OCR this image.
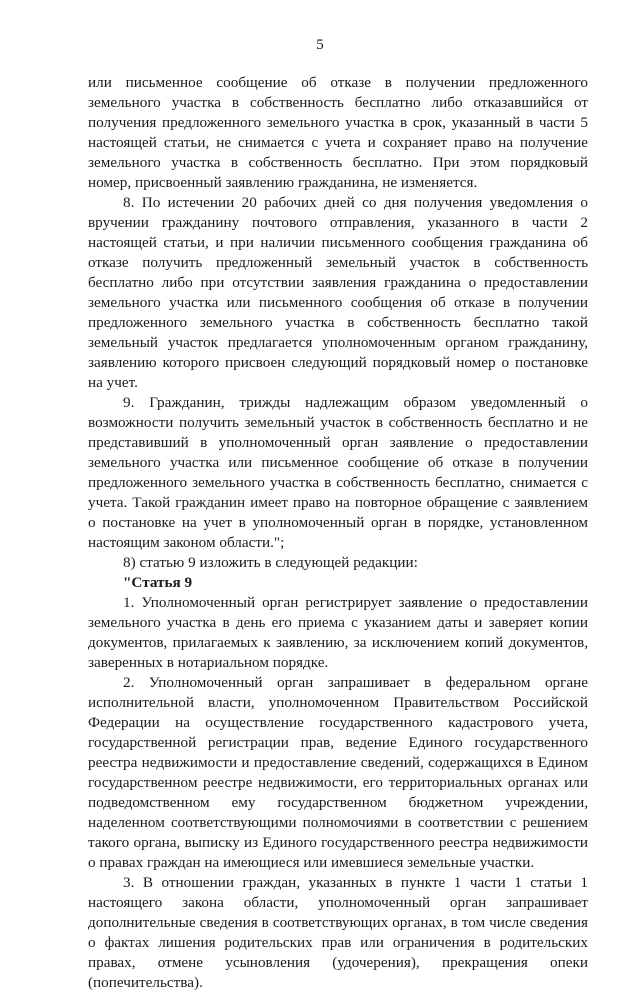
5

или письменное сообщение об отказе в получении предложенного земельного участка в собственность бесплатно либо отказавшийся от получения предложенного земельного участка в срок, указанный в части 5 настоящей статьи, не снимается с учета и сохраняет право на получение земельного участка в собственность бесплатно. При этом порядковый номер, присвоенный заявлению гражданина, не изменяется.

8. По истечении 20 рабочих дней со дня получения уведомления о вручении гражданину почтового отправления, указанного в части 2 настоящей статьи, и при наличии письменного сообщения гражданина об отказе получить предложенный земельный участок в собственность бесплатно либо при отсутствии заявления гражданина о предоставлении земельного участка или письменного сообщения об отказе в получении предложенного земельного участка в собственность бесплатно такой земельный участок предлагается уполномоченным органом гражданину, заявлению которого присвоен следующий порядковый номер о постановке на учет.

9. Гражданин, трижды надлежащим образом уведомленный о возможности получить земельный участок в собственность бесплатно и не представивший в уполномоченный орган заявление о предоставлении земельного участка или письменное сообщение об отказе в получении предложенного земельного участка в собственность бесплатно, снимается с учета. Такой гражданин имеет право на повторное обращение с заявлением о постановке на учет в уполномоченный орган в порядке, установленном настоящим законом области.";

8) статью 9 изложить в следующей редакции:

"Статья 9

1. Уполномоченный орган регистрирует заявление о предоставлении земельного участка в день его приема с указанием даты и заверяет копии документов, прилагаемых к заявлению, за исключением копий документов, заверенных в нотариальном порядке.

2. Уполномоченный орган запрашивает в федеральном органе исполнительной власти, уполномоченном Правительством Российской Федерации на осуществление государственного кадастрового учета, государственной регистрации прав, ведение Единого государственного реестра недвижимости и предоставление сведений, содержащихся в Едином государственном реестре недвижимости, его территориальных органах или подведомственном ему государственном бюджетном учреждении, наделенном соответствующими полномочиями в соответствии с решением такого органа, выписку из Единого государственного реестра недвижимости о правах граждан на имеющиеся или имевшиеся земельные участки.

3. В отношении граждан, указанных в пункте 1 части 1 статьи 1 настоящего закона области, уполномоченный орган запрашивает дополнительные сведения в соответствующих органах, в том числе сведения о фактах лишения родительских прав или ограничения в родительских правах, отмене усыновления (удочерения), прекращения опеки (попечительства).
